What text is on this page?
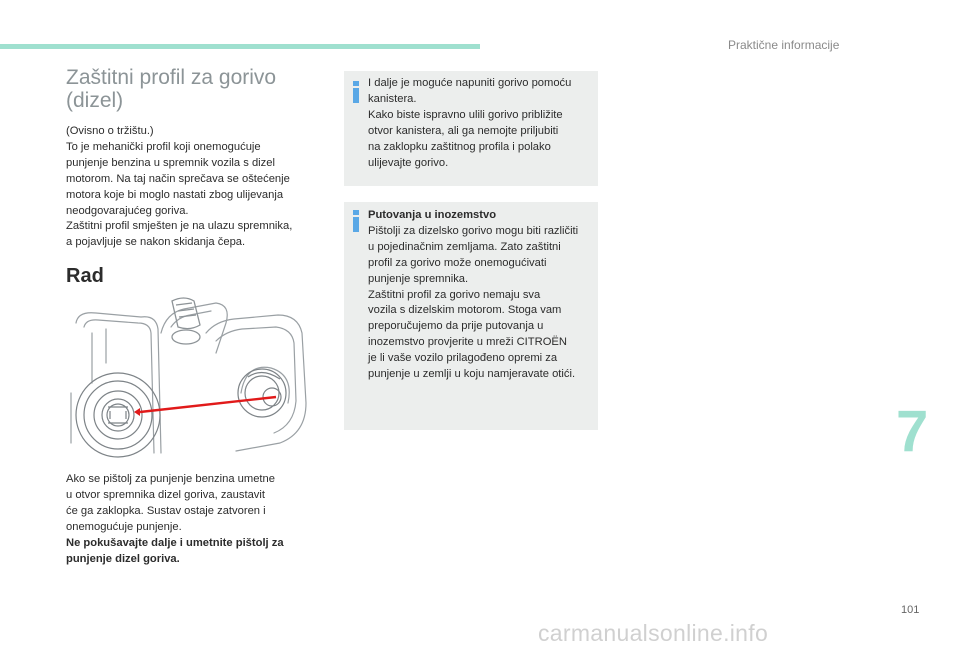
Praktične informacije
Zaštitni profil za gorivo
(dizel)

(Ovisno o tržištu.)
To je mehanički profil koji onemogućuje
punjenje benzina u spremnik vozila s dizel
motorom. Na taj način sprečava se oštećenje
motora koje bi moglo nastati zbog ulijevanja
neodgovarajućeg goriva.
Zaštitni profil smješten je na ulazu spremnika,
a pojavljuje se nakon skidanja čepa.

Rad

Ako se pištolj za punjenje benzina umetne
u otvor spremnika dizel goriva, zaustavit
će ga zaklopka. Sustav ostaje zatvoren i
onemogućuje punjenje.
Ne pokušavajte dalje i umetnite pištolj za
punjenje dizel goriva.

I dalje je moguće napuniti gorivo pomoću
kanistera.
Kako biste ispravno ulili gorivo približite
otvor kanistera, ali ga nemojte priljubiti
na zaklopku zaštitnog profila i polako
ulijevajte gorivo.

Putovanja u inozemstvo
Pištolji za dizelsko gorivo mogu biti različiti
u pojedinačnim zemljama. Zato zaštitni
profil za gorivo može onemogućivati
punjenje spremnika.
Zaštitni profil za gorivo nemaju sva
vozila s dizelskim motorom. Stoga vam
preporučujemo da prije putovanja u
inozemstvo provjerite u mreži CITROËN
je li vaše vozilo prilagođeno opremi za
punjenje u zemlji u koju namjeravate otići.

7
101
carmanualsonline.info
